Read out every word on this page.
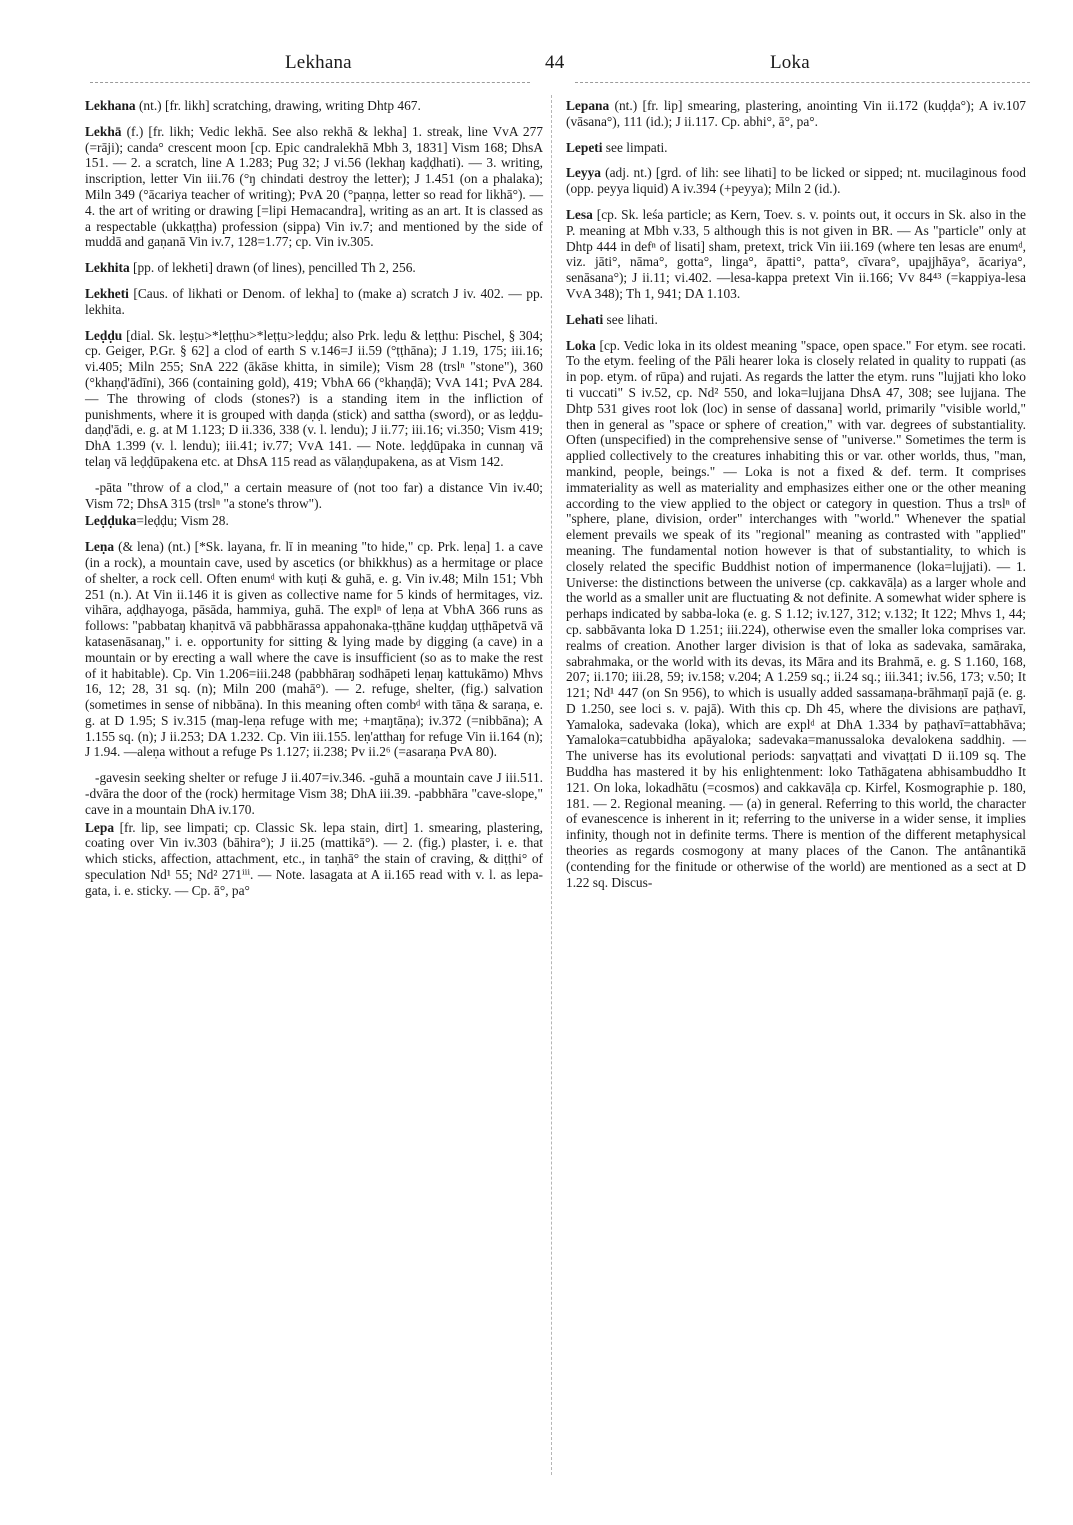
Lekhana	44	Loka

Lekhana (nt.) [fr. likh] scratching, drawing, writing Dhtp 467.

Lekhā (f.) [fr. likh; Vedic lekhā. See also rekhā & lekha] 1. streak, line VvA 277 (=rāji); canda° crescent moon [cp. Epic candralekhā Mbh 3, 1831] Vism 168; DhsA 151. — 2. a scratch, line A 1.283; Pug 32; J vi.56 (lekhaŋ kaḍḍhati). — 3. writing, inscription, letter Vin iii.76 (°ŋ chindati destroy the letter); J 1.451 (on a phalaka); Miln 349 (°ācariya teacher of writing); PvA 20 (°paṇṇa, letter so read for likhā°). — 4. the art of writing or drawing [=lipi Hemacandra], writing as an art. It is classed as a respectable (ukkaṭṭha) profession (sippa) Vin iv.7; and mentioned by the side of muddā and gaṇanā Vin iv.7, 128=1.77; cp. Vin iv.305.

Lekhita [pp. of lekheti] drawn (of lines), pencilled Th 2, 256.

Lekheti [Caus. of likhati or Denom. of lekha] to (make a) scratch J iv. 402. — pp. lekhita.

Leḍḍu [dial. Sk. leṣṭu>*leṭṭhu>*leṭṭu>leḍḍu; also Prk. leḍu & leṭṭhu: Pischel, § 304; cp. Geiger, P.Gr. § 62] a clod of earth S v.146=J ii.59 (°ṭṭhāna); J 1.19, 175; iii.16; vi.405; Miln 255; SnA 222 (ākāse khitta, in simile); Vism 28 (trslⁿ "stone"), 360 (°khaṇḍ'ādīni), 366 (containing gold), 419; VbhA 66 (°khaṇḍā); VvA 141; PvA 284. — The throwing of clods (stones?) is a standing item in the infliction of punishments, where it is grouped with daṇḍa (stick) and sattha (sword), or as leḍḍu-daṇḍ'ādi, e. g. at M 1.123; D ii.336, 338 (v. l. lendu); J ii.77; iii.16; vi.350; Vism 419; DhA 1.399 (v. l. lendu); iii.41; iv.77; VvA 141. — Note. leḍḍūpaka in cunnaŋ vā telaŋ vā leḍḍūpakena etc. at DhsA 115 read as vālaṇḍupakena, as at Vism 142.

-pāta "throw of a clod," a certain measure of (not too far) a distance Vin iv.40; Vism 72; DhsA 315 (trslⁿ "a stone's throw").

Leḍḍuka=leḍḍu; Vism 28.

Leṇa (& lena) (nt.) [*Sk. layana, fr. lī in meaning "to hide," cp. Prk. leṇa] 1. a cave (in a rock), a mountain cave, used by ascetics (or bhikkhus) as a hermitage or place of shelter, a rock cell. Often enumᵈ with kuṭi & guhā, e. g. Vin iv.48; Miln 151; Vbh 251 (n.). At Vin ii.146 it is given as collective name for 5 kinds of hermitages, viz. vihāra, aḍḍhayoga, pāsāda, hammiya, guhā. The explⁿ of leṇa at VbhA 366 runs as follows: "pabbataŋ khaṇitvā vā pabbhārassa appahonaka-ṭṭhāne kuḍḍaŋ uṭṭhāpetvā vā katasenāsanaŋ," i. e. opportunity for sitting & lying made by digging (a cave) in a mountain or by erecting a wall where the cave is insufficient (so as to make the rest of it habitable). Cp. Vin 1.206=iii.248 (pabbhāraŋ sodhāpeti leṇaŋ kattukāmo) Mhvs 16, 12; 28, 31 sq. (n); Miln 200 (mahā°). — 2. refuge, shelter, (fig.) salvation (sometimes in sense of nibbāna). In this meaning often combᵈ with tāṇa & saraṇa, e. g. at D 1.95; S iv.315 (maŋ-leṇa refuge with me; +maŋtāṇa); iv.372 (=nibbāna); A 1.155 sq. (n); J ii.253; DA 1.232. Cp. Vin iii.155. leṇ'atthaŋ for refuge Vin ii.164 (n); J 1.94. —aleṇa without a refuge Ps 1.127; ii.238; Pv ii.2⁶ (=asaraṇa PvA 80).

-gavesin seeking shelter or refuge J ii.407=iv.346. -guhā a mountain cave J iii.511. -dvāra the door of the (rock) hermitage Vism 38; DhA iii.39. -pabbhāra "cave-slope," cave in a mountain DhA iv.170.

Lepa [fr. lip, see limpati; cp. Classic Sk. lepa stain, dirt] 1. smearing, plastering, coating over Vin iv.303 (bāhira°); J ii.25 (mattikā°). — 2. (fig.) plaster, i. e. that which sticks, affection, attachment, etc., in taṇhā° the stain of craving, & diṭṭhi° of speculation Nd¹ 55; Nd² 271ⁱⁱⁱ. — Note. lasagata at A ii.165 read with v. l. as lepa-gata, i. e. sticky. — Cp. ā°, pa°

Lepana (nt.) [fr. lip] smearing, plastering, anointing Vin ii.172 (kuḍḍa°); A iv.107 (vāsana°), 111 (id.); J ii.117. Cp. abhi°, ā°, pa°.

Lepeti see limpati.

Leyya (adj. nt.) [grd. of lih: see lihati] to be licked or sipped; nt. mucilaginous food (opp. peyya liquid) A iv.394 (+peyya); Miln 2 (id.).

Lesa [cp. Sk. leśa particle; as Kern, Toev. s. v. points out, it occurs in Sk. also in the P. meaning at Mbh v.33, 5 although this is not given in BR. — As "particle" only at Dhtp 444 in defⁿ of lisati] sham, pretext, trick Vin iii.169 (where ten lesas are enumᵈ, viz. jāti°, nāma°, gotta°, linga°, āpatti°, patta°, cīvara°, upajjhāya°, ācariya°, senāsana°); J ii.11; vi.402. —lesa-kappa pretext Vin ii.166; Vv 84⁴³ (=kappiya-lesa VvA 348); Th 1, 941; DA 1.103.

Lehati see lihati.

Loka [cp. Vedic loka in its oldest meaning "space, open space." For etym. see rocati. To the etym. feeling of the Pāli hearer loka is closely related in quality to ruppati (as in pop. etym. of rūpa) and rujati. As regards the latter the etym. runs "lujjati kho loko ti vuccati" S iv.52, cp. Nd² 550, and loka=lujjana DhsA 47, 308; see lujjana. The Dhtp 531 gives root lok (loc) in sense of dassana] world, primarily "visible world," then in general as "space or sphere of creation," with var. degrees of substantiality. Often (unspecified) in the comprehensive sense of "universe." Sometimes the term is applied collectively to the creatures inhabiting this or var. other worlds, thus, "man, mankind, people, beings." — Loka is not a fixed & def. term. It comprises immateriality as well as materiality and emphasizes either one or the other meaning according to the view applied to the object or category in question. Thus a trslⁿ of "sphere, plane, division, order" interchanges with "world." Whenever the spatial element prevails we speak of its "regional" meaning as contrasted with "applied" meaning. The fundamental notion however is that of substantiality, to which is closely related the specific Buddhist notion of impermanence (loka=lujjati). — 1. Universe: the distinctions between the universe (cp. cakkavāḷa) as a larger whole and the world as a smaller unit are fluctuating & not definite. A somewhat wider sphere is perhaps indicated by sabba-loka (e. g. S 1.12; iv.127, 312; v.132; It 122; Mhvs 1, 44; cp. sabbāvanta loka D 1.251; iii.224), otherwise even the smaller loka comprises var. realms of creation. Another larger division is that of loka as sadevaka, samāraka, sabrahmaka, or the world with its devas, its Māra and its Brahmā, e. g. S 1.160, 168, 207; ii.170; iii.28, 59; iv.158; v.204; A 1.259 sq.; ii.24 sq.; iii.341; iv.56, 173; v.50; It 121; Nd¹ 447 (on Sn 956), to which is usually added sassamaṇa-brāhmaṇī pajā (e. g. D 1.250, see loci s. v. pajā). With this cp. Dh 45, where the divisions are paṭhavī, Yamaloka, sadevaka (loka), which are explᵈ at DhA 1.334 by paṭhavī=attabhāva; Yamaloka=catubbidha apāyaloka; sadevaka=manussaloka devalokena saddhiŋ. — The universe has its evolutional periods: saŋvaṭṭati and vivaṭṭati D ii.109 sq. The Buddha has mastered it by his enlightenment: loko Tathāgatena abhisambuddho It 121. On loka, lokadhātu (=cosmos) and cakkavāḷa cp. Kirfel, Kosmographie p. 180, 181. — 2. Regional meaning. — (a) in general. Referring to this world, the character of evanescence is inherent in it; referring to the universe in a wider sense, it implies infinity, though not in definite terms. There is mention of the different metaphysical theories as regards cosmogony at many places of the Canon. The antânantikā (contending for the finitude or otherwise of the world) are mentioned as a sect at D 1.22 sq. Discus-
